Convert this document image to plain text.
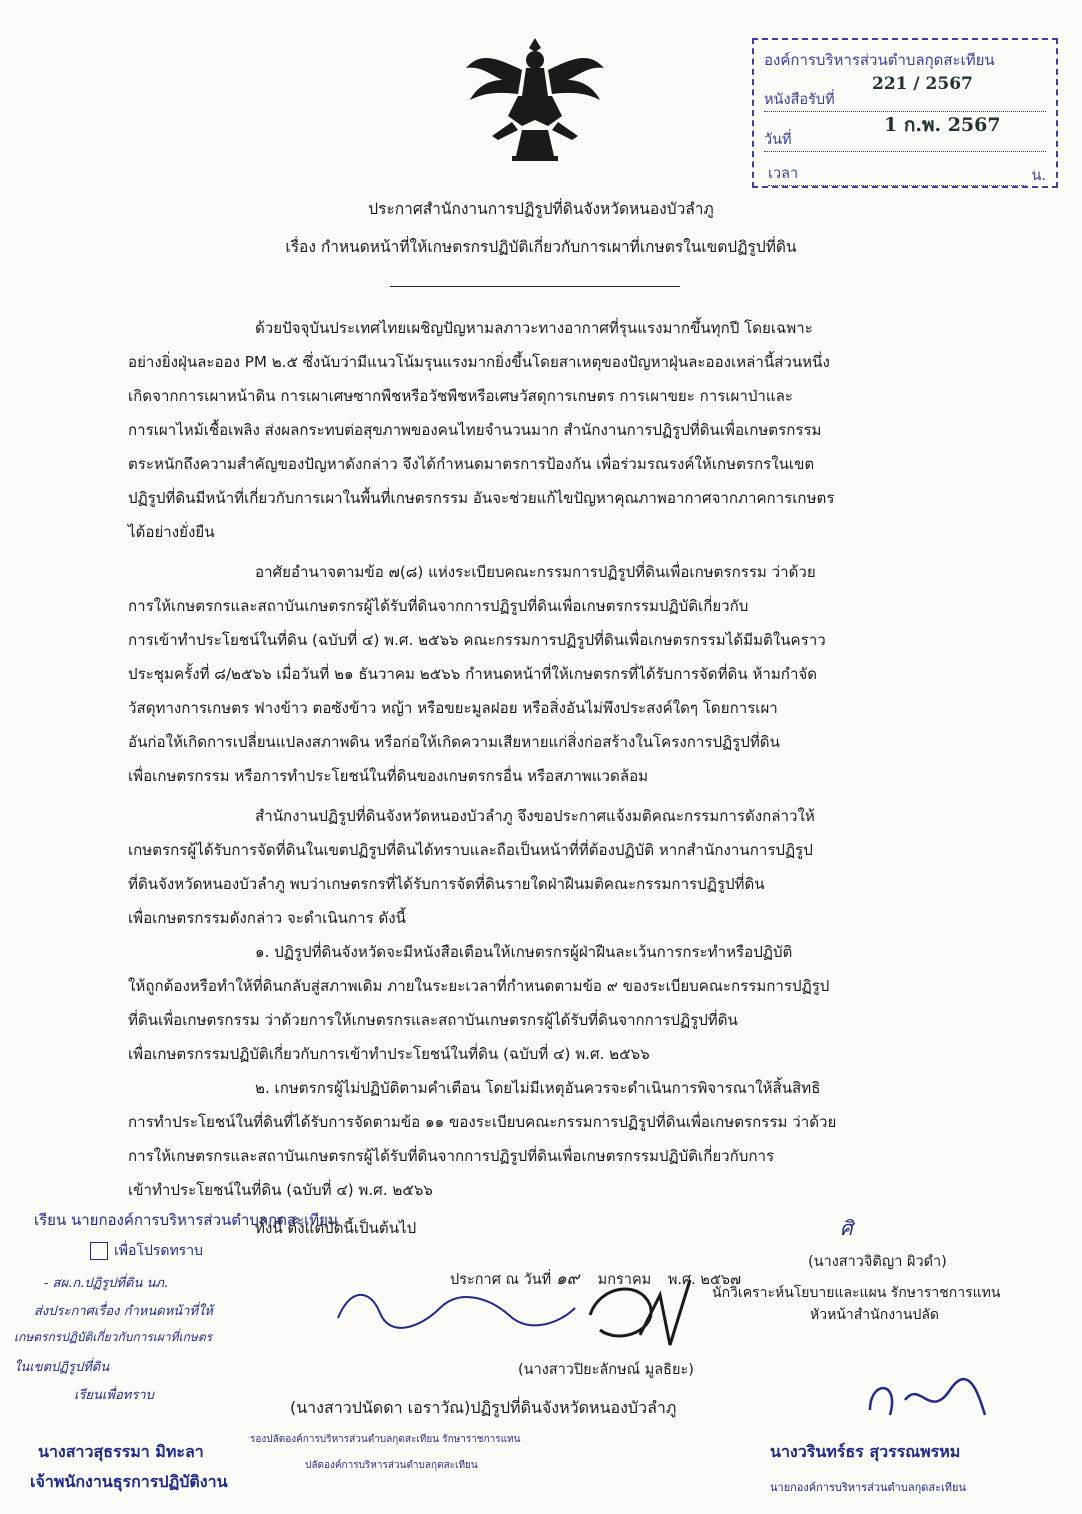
องค์การบริหารส่วนตำบลกุดสะเทียน
หนังสือรับที่
221 / 2567
วันที่
1 ก.พ. 2567
เวลา	น.
ประกาศสำนักงานการปฏิรูปที่ดินจังหวัดหนองบัวลำภู
เรื่อง กำหนดหน้าที่ให้เกษตรกรปฏิบัติเกี่ยวกับการเผาที่เกษตรในเขตปฏิรูปที่ดิน
ด้วยปัจจุบันประเทศไทยเผชิญปัญหามลภาวะทางอากาศที่รุนแรงมากขึ้นทุกปี โดยเฉพาะ
อย่างยิ่งฝุ่นละออง PM ๒.๕ ซึ่งนับว่ามีแนวโน้มรุนแรงมากยิ่งขึ้นโดยสาเหตุของปัญหาฝุ่นละอองเหล่านี้ส่วนหนึ่ง
เกิดจากการเผาหน้าดิน การเผาเศษซากพืชหรือวัชพืชหรือเศษวัสดุการเกษตร การเผาขยะ การเผาป่าและ
การเผาไหม้เชื้อเพลิง ส่งผลกระทบต่อสุขภาพของคนไทยจำนวนมาก สำนักงานการปฏิรูปที่ดินเพื่อเกษตรกรรม
ตระหนักถึงความสำคัญของปัญหาดังกล่าว จึงได้กำหนดมาตรการป้องกัน เพื่อร่วมรณรงค์ให้เกษตรกรในเขต
ปฏิรูปที่ดินมีหน้าที่เกี่ยวกับการเผาในพื้นที่เกษตรกรรม อันจะช่วยแก้ไขปัญหาคุณภาพอากาศจากภาคการเกษตร
ได้อย่างยั่งยืน
อาศัยอำนาจตามข้อ ๗(๘) แห่งระเบียบคณะกรรมการปฏิรูปที่ดินเพื่อเกษตรกรรม ว่าด้วย
การให้เกษตรกรและสถาบันเกษตรกรผู้ได้รับที่ดินจากการปฏิรูปที่ดินเพื่อเกษตรกรรมปฏิบัติเกี่ยวกับ
การเข้าทำประโยชน์ในที่ดิน (ฉบับที่ ๔) พ.ศ. ๒๕๖๖ คณะกรรมการปฏิรูปที่ดินเพื่อเกษตรกรรมได้มีมติในคราว
ประชุมครั้งที่ ๘/๒๕๖๖ เมื่อวันที่ ๒๑ ธันวาคม ๒๕๖๖ กำหนดหน้าที่ให้เกษตรกรที่ได้รับการจัดที่ดิน ห้ามกำจัด
วัสดุทางการเกษตร ฟางข้าว ตอซังข้าว หญ้า หรือขยะมูลฝอย หรือสิ่งอันไม่พึงประสงค์ใดๆ โดยการเผา
อันก่อให้เกิดการเปลี่ยนแปลงสภาพดิน หรือก่อให้เกิดความเสียหายแก่สิ่งก่อสร้างในโครงการปฏิรูปที่ดิน
เพื่อเกษตรกรรม หรือการทำประโยชน์ในที่ดินของเกษตรกรอื่น หรือสภาพแวดล้อม
สำนักงานปฏิรูปที่ดินจังหวัดหนองบัวลำภู จึงขอประกาศแจ้งมติคณะกรรมการดังกล่าวให้
เกษตรกรผู้ได้รับการจัดที่ดินในเขตปฏิรูปที่ดินได้ทราบและถือเป็นหน้าที่ที่ต้องปฏิบัติ หากสำนักงานการปฏิรูป
ที่ดินจังหวัดหนองบัวลำภู พบว่าเกษตรกรที่ได้รับการจัดที่ดินรายใดฝ่าฝืนมติคณะกรรมการปฏิรูปที่ดิน
เพื่อเกษตรกรรมดังกล่าว จะดำเนินการ ดังนี้
๑. ปฏิรูปที่ดินจังหวัดจะมีหนังสือเตือนให้เกษตรกรผู้ฝ่าฝืนละเว้นการกระทำหรือปฏิบัติ
ให้ถูกต้องหรือทำให้ที่ดินกลับสู่สภาพเดิม ภายในระยะเวลาที่กำหนดตามข้อ ๙ ของระเบียบคณะกรรมการปฏิรูป
ที่ดินเพื่อเกษตรกรรม ว่าด้วยการให้เกษตรกรและสถาบันเกษตรกรผู้ได้รับที่ดินจากการปฏิรูปที่ดิน
เพื่อเกษตรกรรมปฏิบัติเกี่ยวกับการเข้าทำประโยชน์ในที่ดิน (ฉบับที่ ๔) พ.ศ. ๒๕๖๖
๒. เกษตรกรผู้ไม่ปฏิบัติตามคำเตือน โดยไม่มีเหตุอันควรจะดำเนินการพิจารณาให้สิ้นสิทธิ
การทำประโยชน์ในที่ดินที่ได้รับการจัดตามข้อ ๑๑ ของระเบียบคณะกรรมการปฏิรูปที่ดินเพื่อเกษตรกรรม ว่าด้วย
การให้เกษตรกรและสถาบันเกษตรกรผู้ได้รับที่ดินจากการปฏิรูปที่ดินเพื่อเกษตรกรรมปฏิบัติเกี่ยวกับการ
เข้าทำประโยชน์ในที่ดิน (ฉบับที่ ๔) พ.ศ. ๒๕๖๖
ทั้งนี้ ตั้งแต่บัดนี้เป็นต้นไป
ประกาศ ณ วันที่ ๑๙ มกราคม พ.ศ. ๒๕๖๗
ศิ
(นางสาวจิติญา ผิวดำ)
นักวิเคราะห์นโยบายและแผน รักษาราชการแทน
หัวหน้าสำนักงานปลัด
(นางสาวปิยะลักษณ์ มูลธิยะ)
(นางสาวปนัดดา เอราวัณ)ปฏิรูปที่ดินจังหวัดหนองบัวลำภู
เรียน นายกองค์การบริหารส่วนตำบลกุดสะเทียน
เพื่อโปรดทราบ
- สผ.ก.ปฏิรูปที่ดิน นภ.
ส่งประกาศเรื่อง กำหนดหน้าที่ให้
เกษตรกรปฏิบัติเกี่ยวกับการเผาที่เกษตร
ในเขตปฏิรูปที่ดิน
เรียนเพื่อทราบ
รองปลัดองค์การบริหารส่วนตำบลกุดสะเทียน รักษาราชการแทน
ปลัดองค์การบริหารส่วนตำบลกุดสะเทียน
นางสาวสุธรรมา มิทะลา
เจ้าพนักงานธุรการปฏิบัติงาน
นางวรินทร์ธร สุวรรณพรหม
นายกองค์การบริหารส่วนตำบลกุดสะเทียน
